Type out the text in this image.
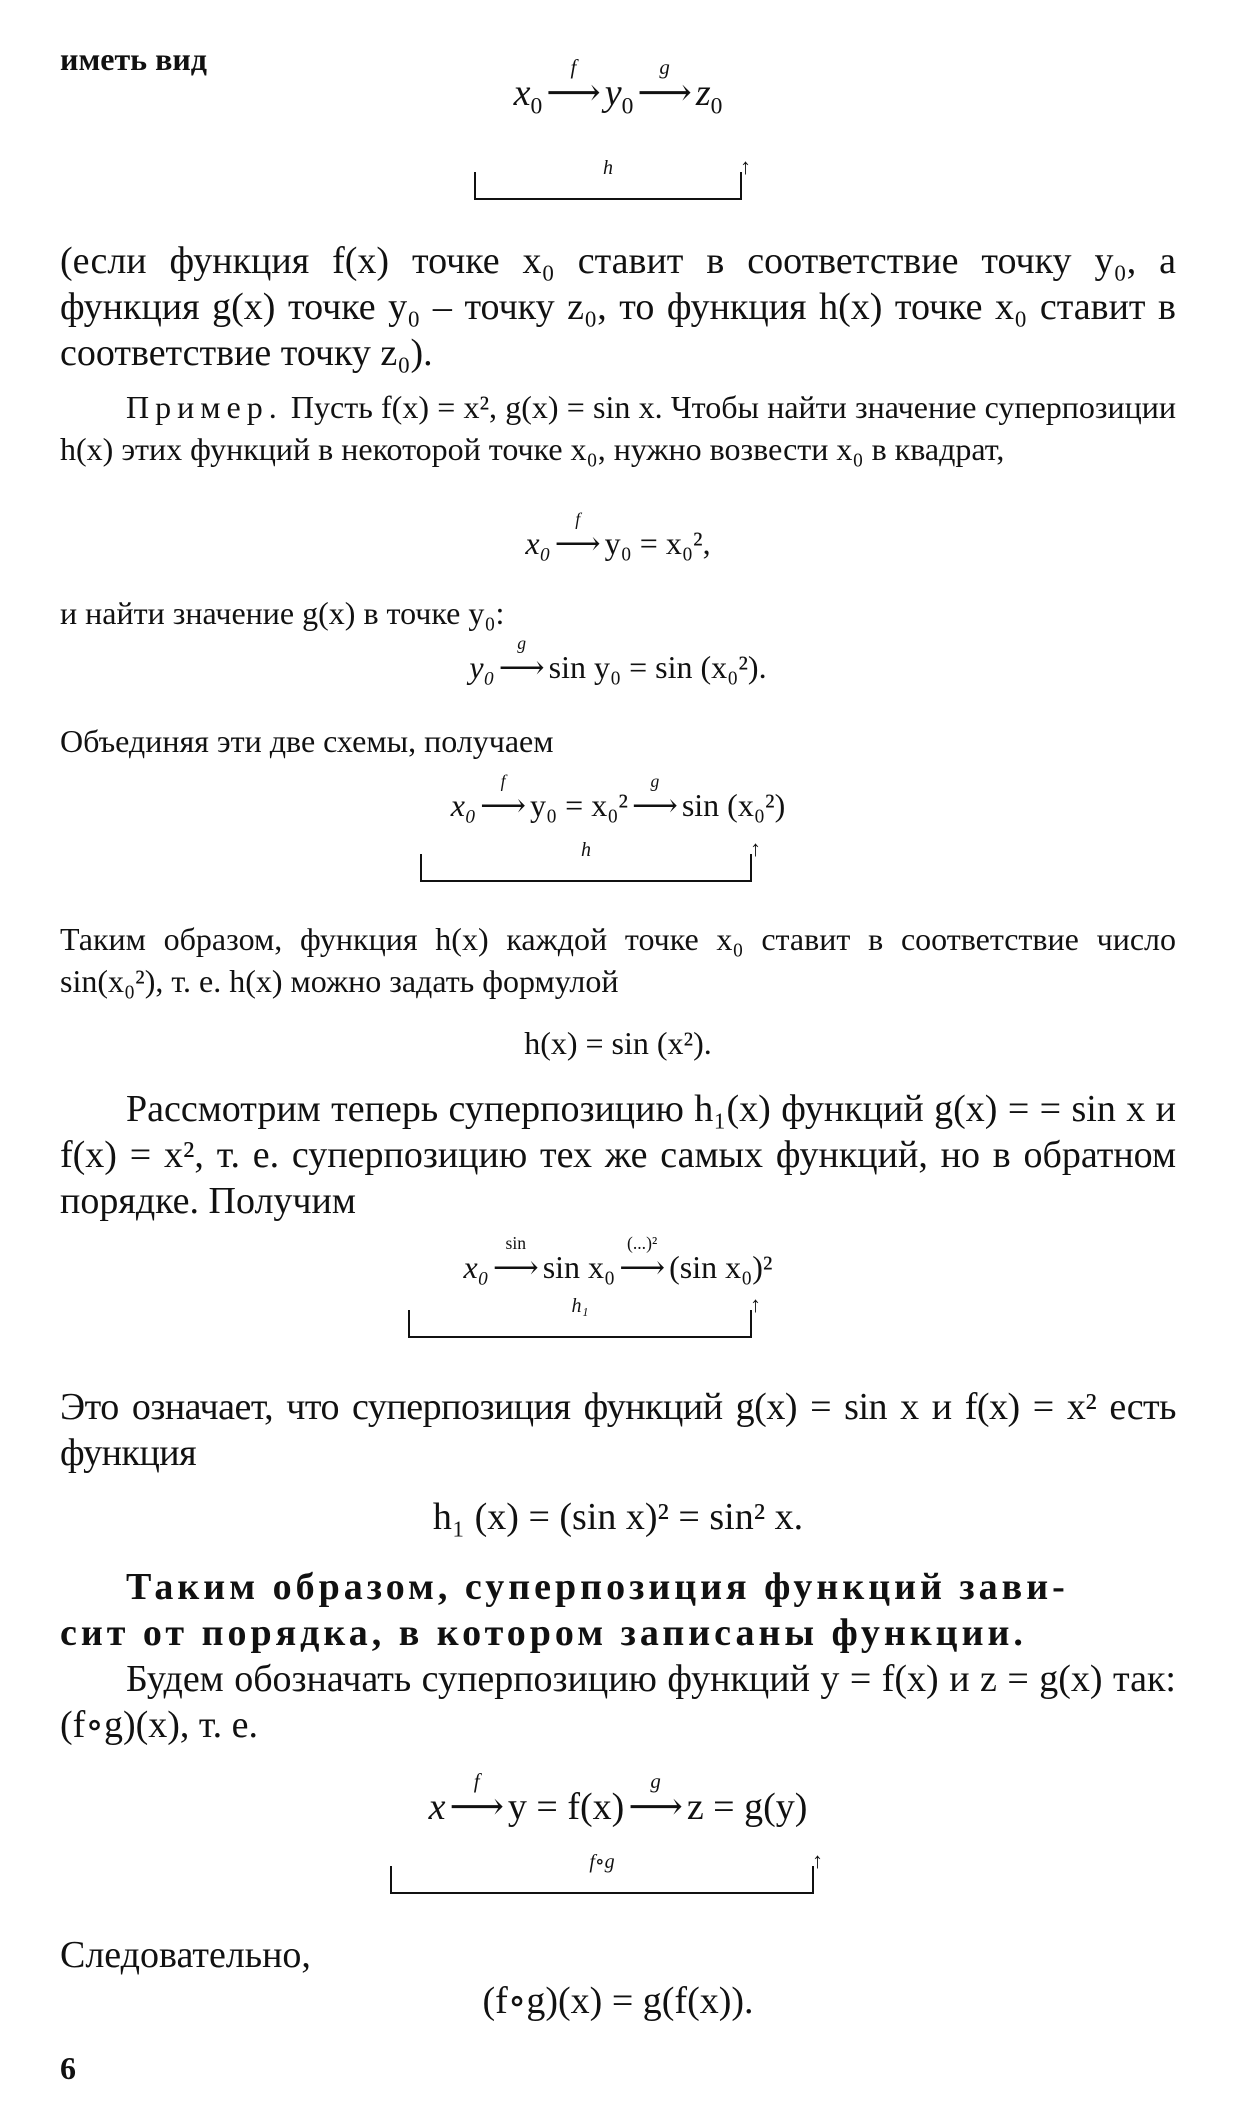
иметь вид

$x_0$
f
⟶ $y_0$
g
⟶ $z_0$
h	↑

(если функция f(x) точке x₀ ставит в соответствие точку y₀, а функция g(x) точке y₀ – точку z₀, то функция h(x) точке x₀ ставит в соответствие точку z₀).

Пример. Пусть f(x) = x², g(x) = sin x. Чтобы найти значение суперпозиции h(x) этих функций в некоторой точке x₀, нужно возвести x₀ в квадрат,

x₀
f
⟶ y₀ = x₀²,

и найти значение g(x) в точке y₀:

y₀
g
⟶ sin y₀ = sin (x₀²).

Объединяя эти две схемы, получаем

x₀
f
⟶ y₀ = x₀²
g
⟶ sin (x₀²)
h	↑

Таким образом, функция h(x) каждой точке x₀ ставит в соответствие число sin(x₀²), т. е. h(x) можно задать формулой

h(x) = sin (x²).

Рассмотрим теперь суперпозицию h₁(x) функций g(x) = = sin x и f(x) = x², т. е. суперпозицию тех же самых функций, но в обратном порядке. Получим

x₀
sin
⟶ sin x₀
(...)²
⟶ (sin x₀)²
h₁	↑

Это означает, что суперпозиция функций g(x) = sin x и f(x) = x² есть функция

h₁ (x) = (sin x)² = sin² x.

Таким образом, суперпозиция функций зави-

сит от порядка, в котором записаны функции.

Будем обозначать суперпозицию функций y = f(x) и z = g(x) так: (f∘g)(x), т. е.

x
f
⟶ y = f(x)
g
⟶ z = g(y)
f∘g	↑

Следовательно,

(f∘g)(x) = g(f(x)).
6
